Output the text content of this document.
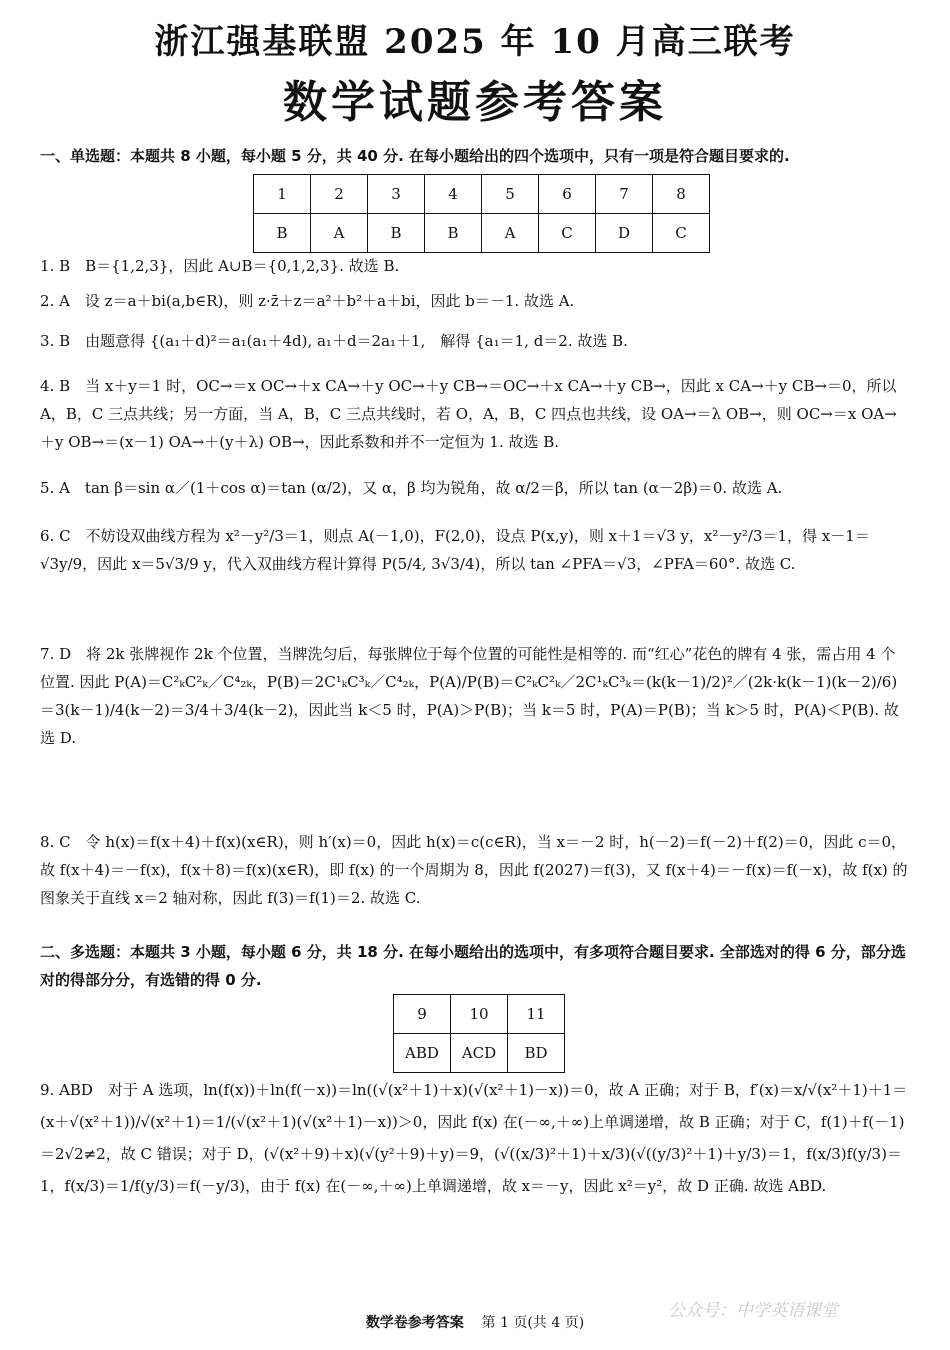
浙江强基联盟 2025 年 10 月高三联考
数学试题参考答案
一、单选题：本题共 8 小题，每小题 5 分，共 40 分. 在每小题给出的四个选项中，只有一项是符合题目要求的.
1	2	3	4	5	6	7	8
B	A	B	B	A	C	D	C
1. B　B＝{1,2,3}，因此 A∪B＝{0,1,2,3}. 故选 B.
2. A　设 z＝a＋bi(a,b∈R)，则 z·z̄＋z＝a²＋b²＋a＋bi，因此 b＝－1. 故选 A.
3. B　由题意得 {(a₁＋d)²＝a₁(a₁＋4d), a₁＋d＝2a₁＋1,　解得 {a₁＝1, d＝2. 故选 B.
4. B　当 x＋y＝1 时，OC→＝x OC→＋x CA→＋y OC→＋y CB→＝OC→＋x CA→＋y CB→，因此 x CA→＋y CB→＝0，所以 A，B，C 三点共线；另一方面，当 A，B，C 三点共线时，若 O，A，B，C 四点也共线，设 OA→＝λ OB→，则 OC→＝x OA→＋y OB→＝(x－1) OA→＋(y＋λ) OB→，因此系数和并不一定恒为 1. 故选 B.
5. A　tan β＝sin α／(1＋cos α)＝tan (α/2)，又 α，β 均为锐角，故 α/2＝β，所以 tan (α－2β)＝0. 故选 A.
6. C　不妨设双曲线方程为 x²－y²/3＝1，则点 A(－1,0)，F(2,0)，设点 P(x,y)，则 x＋1＝√3 y，x²－y²/3＝1，得 x－1＝√3y/9，因此 x＝5√3/9 y，代入双曲线方程计算得 P(5/4, 3√3/4)，所以 tan ∠PFA＝√3，∠PFA＝60°. 故选 C.
7. D　将 2k 张牌视作 2k 个位置，当牌洗匀后，每张牌位于每个位置的可能性是相等的. 而“红心”花色的牌有 4 张，需占用 4 个位置. 因此 P(A)＝C²ₖC²ₖ／C⁴₂ₖ，P(B)＝2C¹ₖC³ₖ／C⁴₂ₖ，P(A)/P(B)＝C²ₖC²ₖ／2C¹ₖC³ₖ＝(k(k－1)/2)²／(2k·k(k－1)(k－2)/6)＝3(k－1)/4(k－2)＝3/4＋3/4(k－2)，因此当 k＜5 时，P(A)＞P(B)；当 k＝5 时，P(A)＝P(B)；当 k＞5 时，P(A)＜P(B). 故选 D.
8. C　令 h(x)＝f(x＋4)＋f(x)(x∈R)，则 h′(x)＝0，因此 h(x)＝c(c∈R)，当 x＝－2 时，h(－2)＝f(－2)＋f(2)＝0，因此 c＝0，故 f(x＋4)＝－f(x)，f(x＋8)＝f(x)(x∈R)，即 f(x) 的一个周期为 8，因此 f(2027)＝f(3)，又 f(x＋4)＝－f(x)＝f(－x)，故 f(x) 的图象关于直线 x＝2 轴对称，因此 f(3)＝f(1)＝2. 故选 C.
二、多选题：本题共 3 小题，每小题 6 分，共 18 分. 在每小题给出的选项中，有多项符合题目要求. 全部选对的得 6 分，部分选对的得部分分，有选错的得 0 分.
9	10	11
ABD	ACD	BD
9. ABD　对于 A 选项，ln(f(x))＋ln(f(－x))＝ln((√(x²＋1)＋x)(√(x²＋1)－x))＝0，故 A 正确；对于 B，f′(x)＝x/√(x²＋1)＋1＝(x＋√(x²＋1))/√(x²＋1)＝1/(√(x²＋1)(√(x²＋1)－x))＞0，因此 f(x) 在(－∞,＋∞)上单调递增，故 B 正确；对于 C，f(1)＋f(－1)＝2√2≠2，故 C 错误；对于 D，(√(x²＋9)＋x)(√(y²＋9)＋y)＝9，(√((x/3)²＋1)＋x/3)(√((y/3)²＋1)＋y/3)＝1，f(x/3)f(y/3)＝1，f(x/3)＝1/f(y/3)＝f(－y/3)，由于 f(x) 在(－∞,＋∞)上单调递增，故 x＝－y，因此 x²＝y²，故 D 正确. 故选 ABD.
公众号：中学英语课堂
数学卷参考答案 第 1 页(共 4 页)
